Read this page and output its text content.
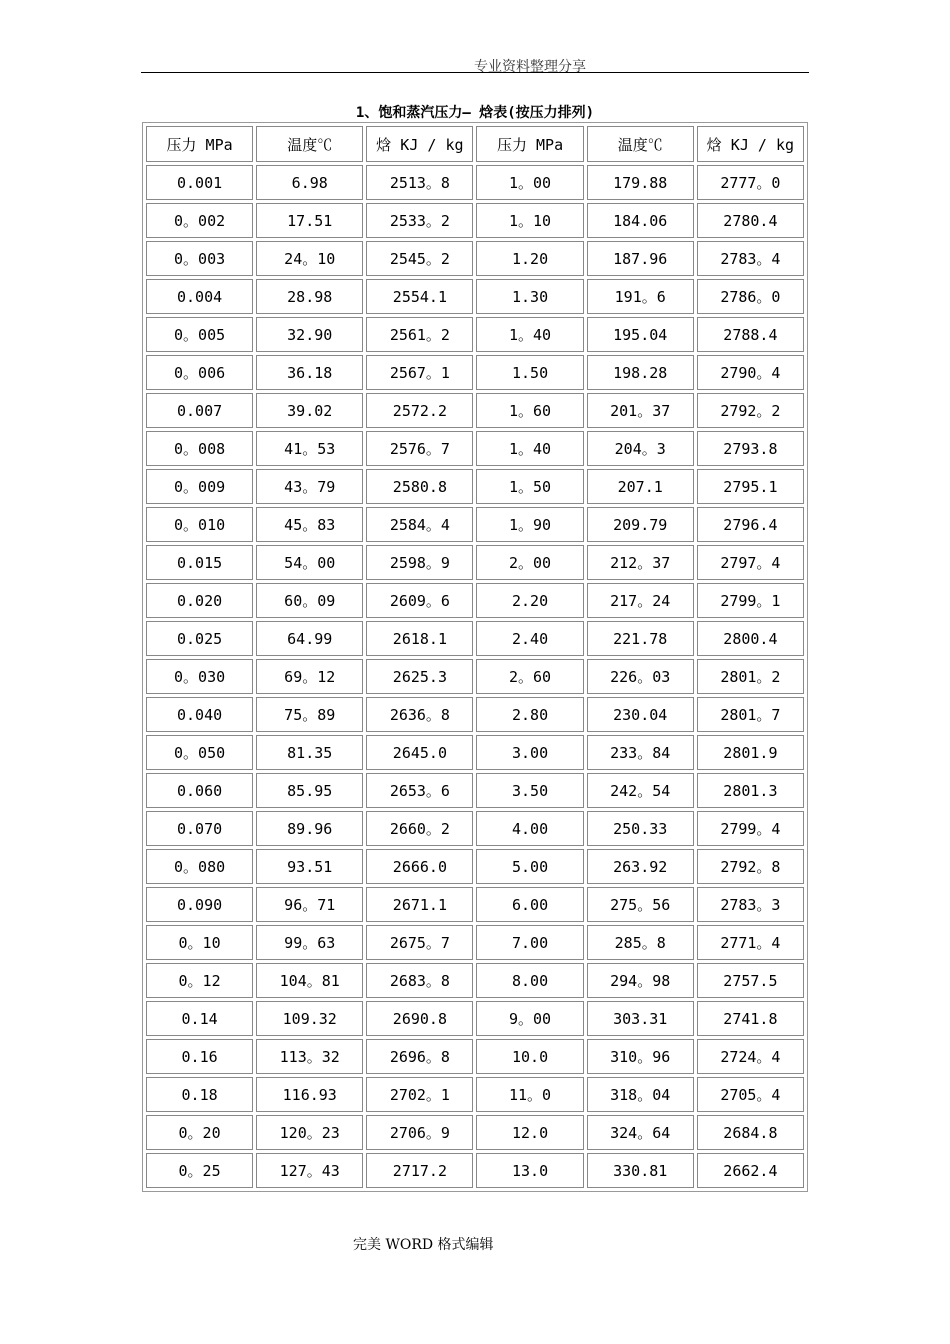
专业资料整理分享
1、饱和蒸汽压力— 焓表(按压力排列)
压力 MPa	温度℃	焓 KJ / kg	压力 MPa	温度℃	焓 KJ / kg
0.001	6.98	2513。8	1。00	179.88	2777。0
0。002	17.51	2533。2	1。10	184.06	2780.4
0。003	24。10	2545。2	1.20	187.96	2783。4
0.004	28.98	2554.1	1.30	191。6	2786。0
0。005	32.90	2561。2	1。40	195.04	2788.4
0。006	36.18	2567。1	1.50	198.28	2790。4
0.007	39.02	2572.2	1。60	201。37	2792。2
0。008	41。53	2576。7	1。40	204。3	2793.8
0。009	43。79	2580.8	1。50	207.1	2795.1
0。010	45。83	2584。4	1。90	209.79	2796.4
0.015	54。00	2598。9	2。00	212。37	2797。4
0.020	60。09	2609。6	2.20	217。24	2799。1
0.025	64.99	2618.1	2.40	221.78	2800.4
0。030	69。12	2625.3	2。60	226。03	2801。2
0.040	75。89	2636。8	2.80	230.04	2801。7
0。050	81.35	2645.0	3.00	233。84	2801.9
0.060	85.95	2653。6	3.50	242。54	2801.3
0.070	89.96	2660。2	4.00	250.33	2799。4
0。080	93.51	2666.0	5.00	263.92	2792。8
0.090	96。71	2671.1	6.00	275。56	2783。3
0。10	99。63	2675。7	7.00	285。8	2771。4
0。12	104。81	2683。8	8.00	294。98	2757.5
0.14	109.32	2690.8	9。00	303.31	2741.8
0.16	113。32	2696。8	10.0	310。96	2724。4
0.18	116.93	2702。1	11。0	318。04	2705。4
0。20	120。23	2706。9	12.0	324。64	2684.8
0。25	127。43	2717.2	13.0	330.81	2662.4
完美 WORD 格式编辑
